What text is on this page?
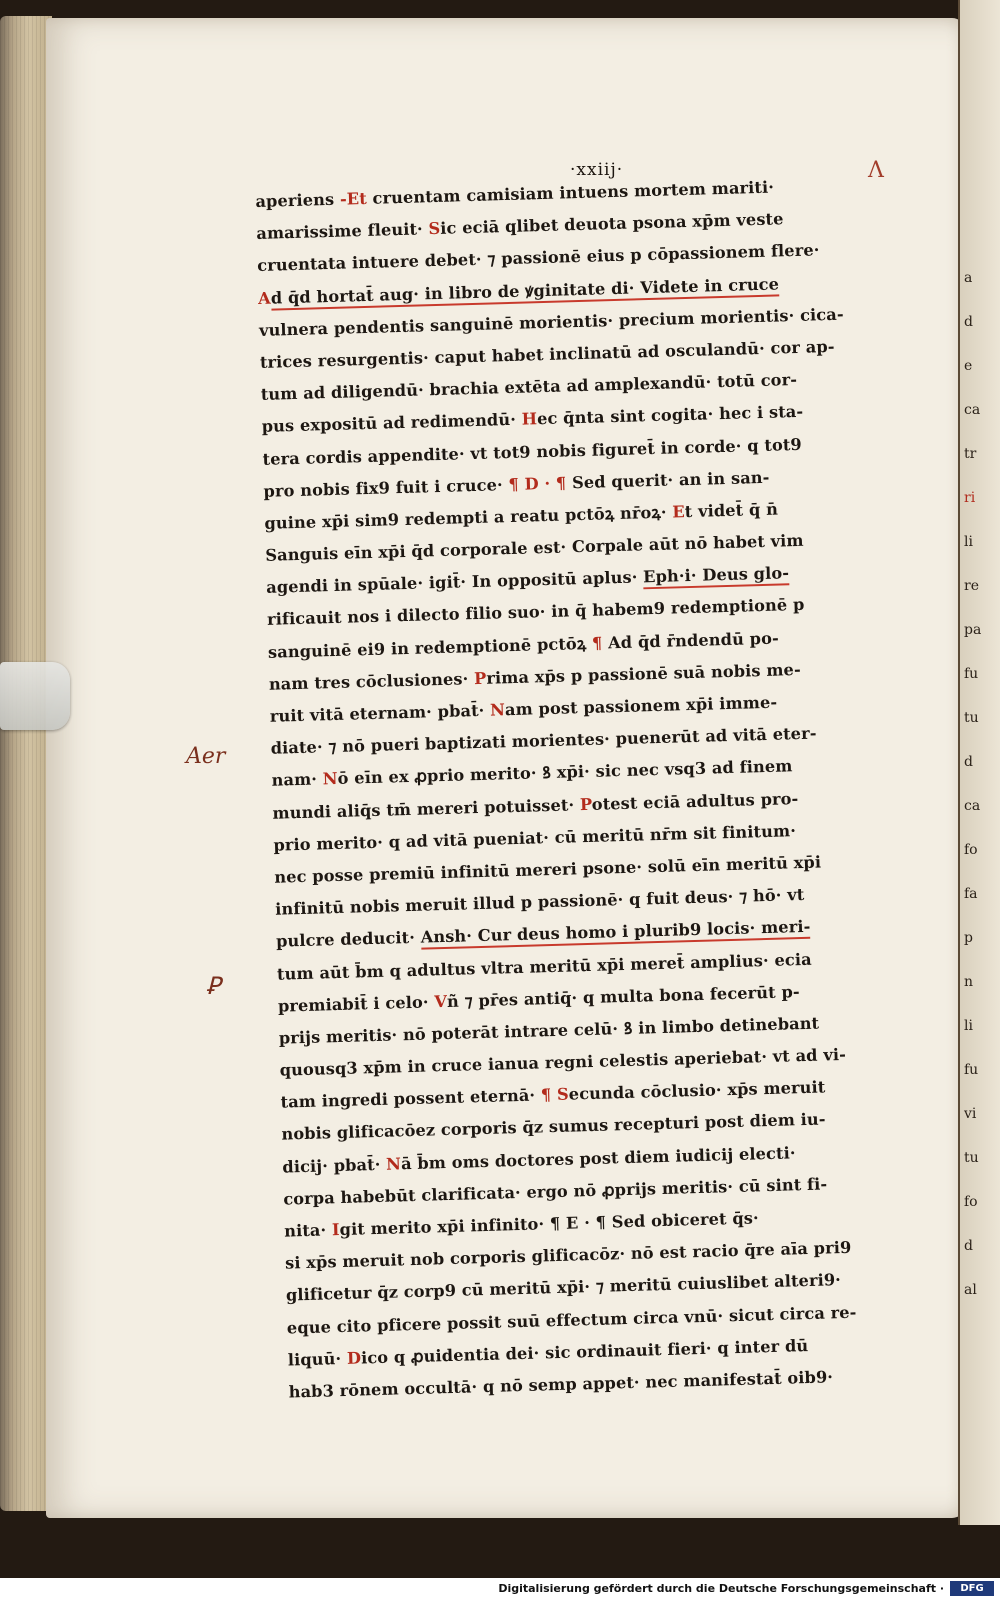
a
d
e
ca
tr
ri
li
re
pa
fu
tu
d
ca
fo
fa
p
n
li
fu
vi
tu
fo
d
al
·xxiij·	Λ
Aer
Ꝑ
aperiens -Et cruentam camisiam intuens mortem mariti·
amarissime fleuit· Sic eciā qlibet deuota psona xp̄m veste
cruentata intuere debet· ⁊ passionē eius p cōpassionem flere·
Ad q̄d hortat̄ aug· in libro de ꝟginitate di· Videte in cruce
vulnera pendentis sanguinē morientis· precium morientis· cica-
trices resurgentis· caput habet inclinatū ad osculandū· cor ap-
tum ad diligendū· brachia extēta ad amplexandū· totū cor-
pus expositū ad redimendū· Hec q̄nta sint cogita· hec i sta-
tera cordis appendite· vt tot9 nobis figuret̄ in corde· q tot9
pro nobis fix9 fuit i cruce· ¶ D · ¶ Sed querit· an in san-
guine xp̄i sim9 redempti a reatu pctōꝝ nr̄oꝝ· Et videt̄ q̄ n̄
Sanguis eīn xp̄i q̄d corporale est· Corpale aūt nō habet vim
agendi in spūale· igit̄· In oppositū aplus· Eph·i· Deus glo-
rificauit nos i dilecto filio suo· in q̄ habem9 redemptionē p
sanguinē ei9 in redemptionē pctōꝝ ¶ Ad q̄d r̄ndendū po-
nam tres cōclusiones· Prima xp̄s p passionē suā nobis me-
ruit vitā eternam· pbat̄· Nam post passionem xp̄i imme-
diate· ⁊ nō pueri baptizati morientes· puenerūt ad vitā eter-
nam· Nō eīn ex ꝓprio merito· ꝸ xp̄i· sic nec vsq3 ad finem
mundi aliq̄s tm̄ mereri potuisset· Potest eciā adultus pro-
prio merito· q ad vitā pueniat· cū meritū nr̄m sit finitum·
nec posse premiū infinitū mereri psone· solū eīn meritū xp̄i
infinitū nobis meruit illud p passionē· q fuit deus· ⁊ hō· vt
pulcre deducit· Ansh· Cur deus homo i plurib9 locis· meri-
tum aūt b̄m q adultus vltra meritū xp̄i meret̄ amplius· ecia
premiabit̄ i celo· Vñ ⁊ pr̄es antiq̄· q multa bona fecerūt p-
prijs meritis· nō poterāt intrare celū· ꝸ in limbo detinebant
quousq3 xp̄m in cruce ianua regni celestis aperiebat· vt ad vi-
tam ingredi possent eternā· ¶ Secunda cōclusio· xp̄s meruit
nobis glificacōez corporis q̄z sumus recepturi post diem iu-
dicij· pbat̄· Nā b̄m oms doctores post diem iudicij electi·
corpa habebūt clarificata· ergo nō ꝓprijs meritis· cū sint fi-
nita· Igit merito xp̄i infinito· ¶ E · ¶ Sed obiceret q̄s·
si xp̄s meruit nob corporis glificacōz· nō est racio q̄re aīa pri9
glificetur q̄z corp9 cū meritū xp̄i· ⁊ meritū cuiuslibet alteri9·
eque cito pficere possit suū effectum circa vnū· sicut circa re-
liquū· Dico q ꝓuidentia dei· sic ordinauit fieri· q inter dū
hab3 rōnem occultā· q nō semp appet· nec manifestat̄ oib9·
Digitalisierung gefördert durch die Deutsche Forschungsgemeinschaft ·	DFG
